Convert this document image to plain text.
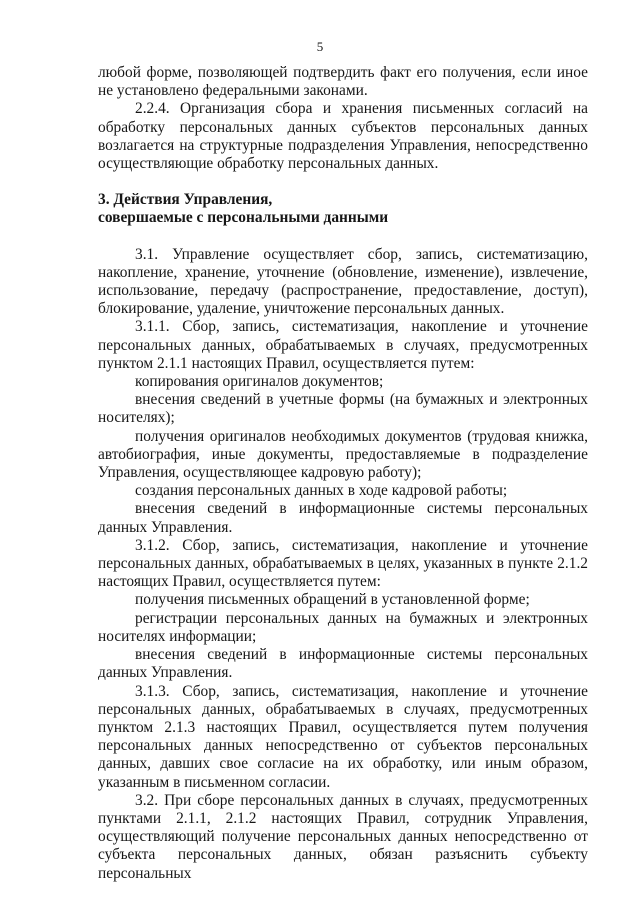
5

любой форме, позволяющей подтвердить факт его получения, если иное не установлено федеральными законами.

2.2.4. Организация сбора и хранения письменных согласий на обработку персональных данных субъектов персональных данных возлагается на структурные подразделения Управления, непосредственно осуществляющие обработку персональных данных.

3. Действия Управления,

совершаемые с персональными данными

3.1. Управление осуществляет сбор, запись, систематизацию, накопление, хранение, уточнение (обновление, изменение), извлечение, использование, передачу (распространение, предоставление, доступ), блокирование, удаление, уничтожение персональных данных.

3.1.1. Сбор, запись, систематизация, накопление и уточнение персональных данных, обрабатываемых в случаях, предусмотренных пунктом 2.1.1 настоящих Правил, осуществляется путем:

копирования оригиналов документов;

внесения сведений в учетные формы (на бумажных и электронных носителях);

получения оригиналов необходимых документов (трудовая книжка, автобиография, иные документы, предоставляемые в подразделение Управления, осуществляющее кадровую работу);

создания персональных данных в ходе кадровой работы;

внесения сведений в информационные системы персональных данных Управления.

3.1.2. Сбор, запись, систематизация, накопление и уточнение персональных данных, обрабатываемых в целях, указанных в пункте 2.1.2 настоящих Правил, осуществляется путем:

получения письменных обращений в установленной форме;

регистрации персональных данных на бумажных и электронных носителях информации;

внесения сведений в информационные системы персональных данных Управления.

3.1.3. Сбор, запись, систематизация, накопление и уточнение персональных данных, обрабатываемых в случаях, предусмотренных пунктом 2.1.3 настоящих Правил, осуществляется путем получения персональных данных непосредственно от субъектов персональных данных, давших свое согласие на их обработку, или иным образом, указанным в письменном согласии.

3.2. При сборе персональных данных в случаях, предусмотренных пунктами 2.1.1, 2.1.2 настоящих Правил, сотрудник Управления, осуществляющий получение персональных данных непосредственно от субъекта персональных данных, обязан разъяснить субъекту персональных
